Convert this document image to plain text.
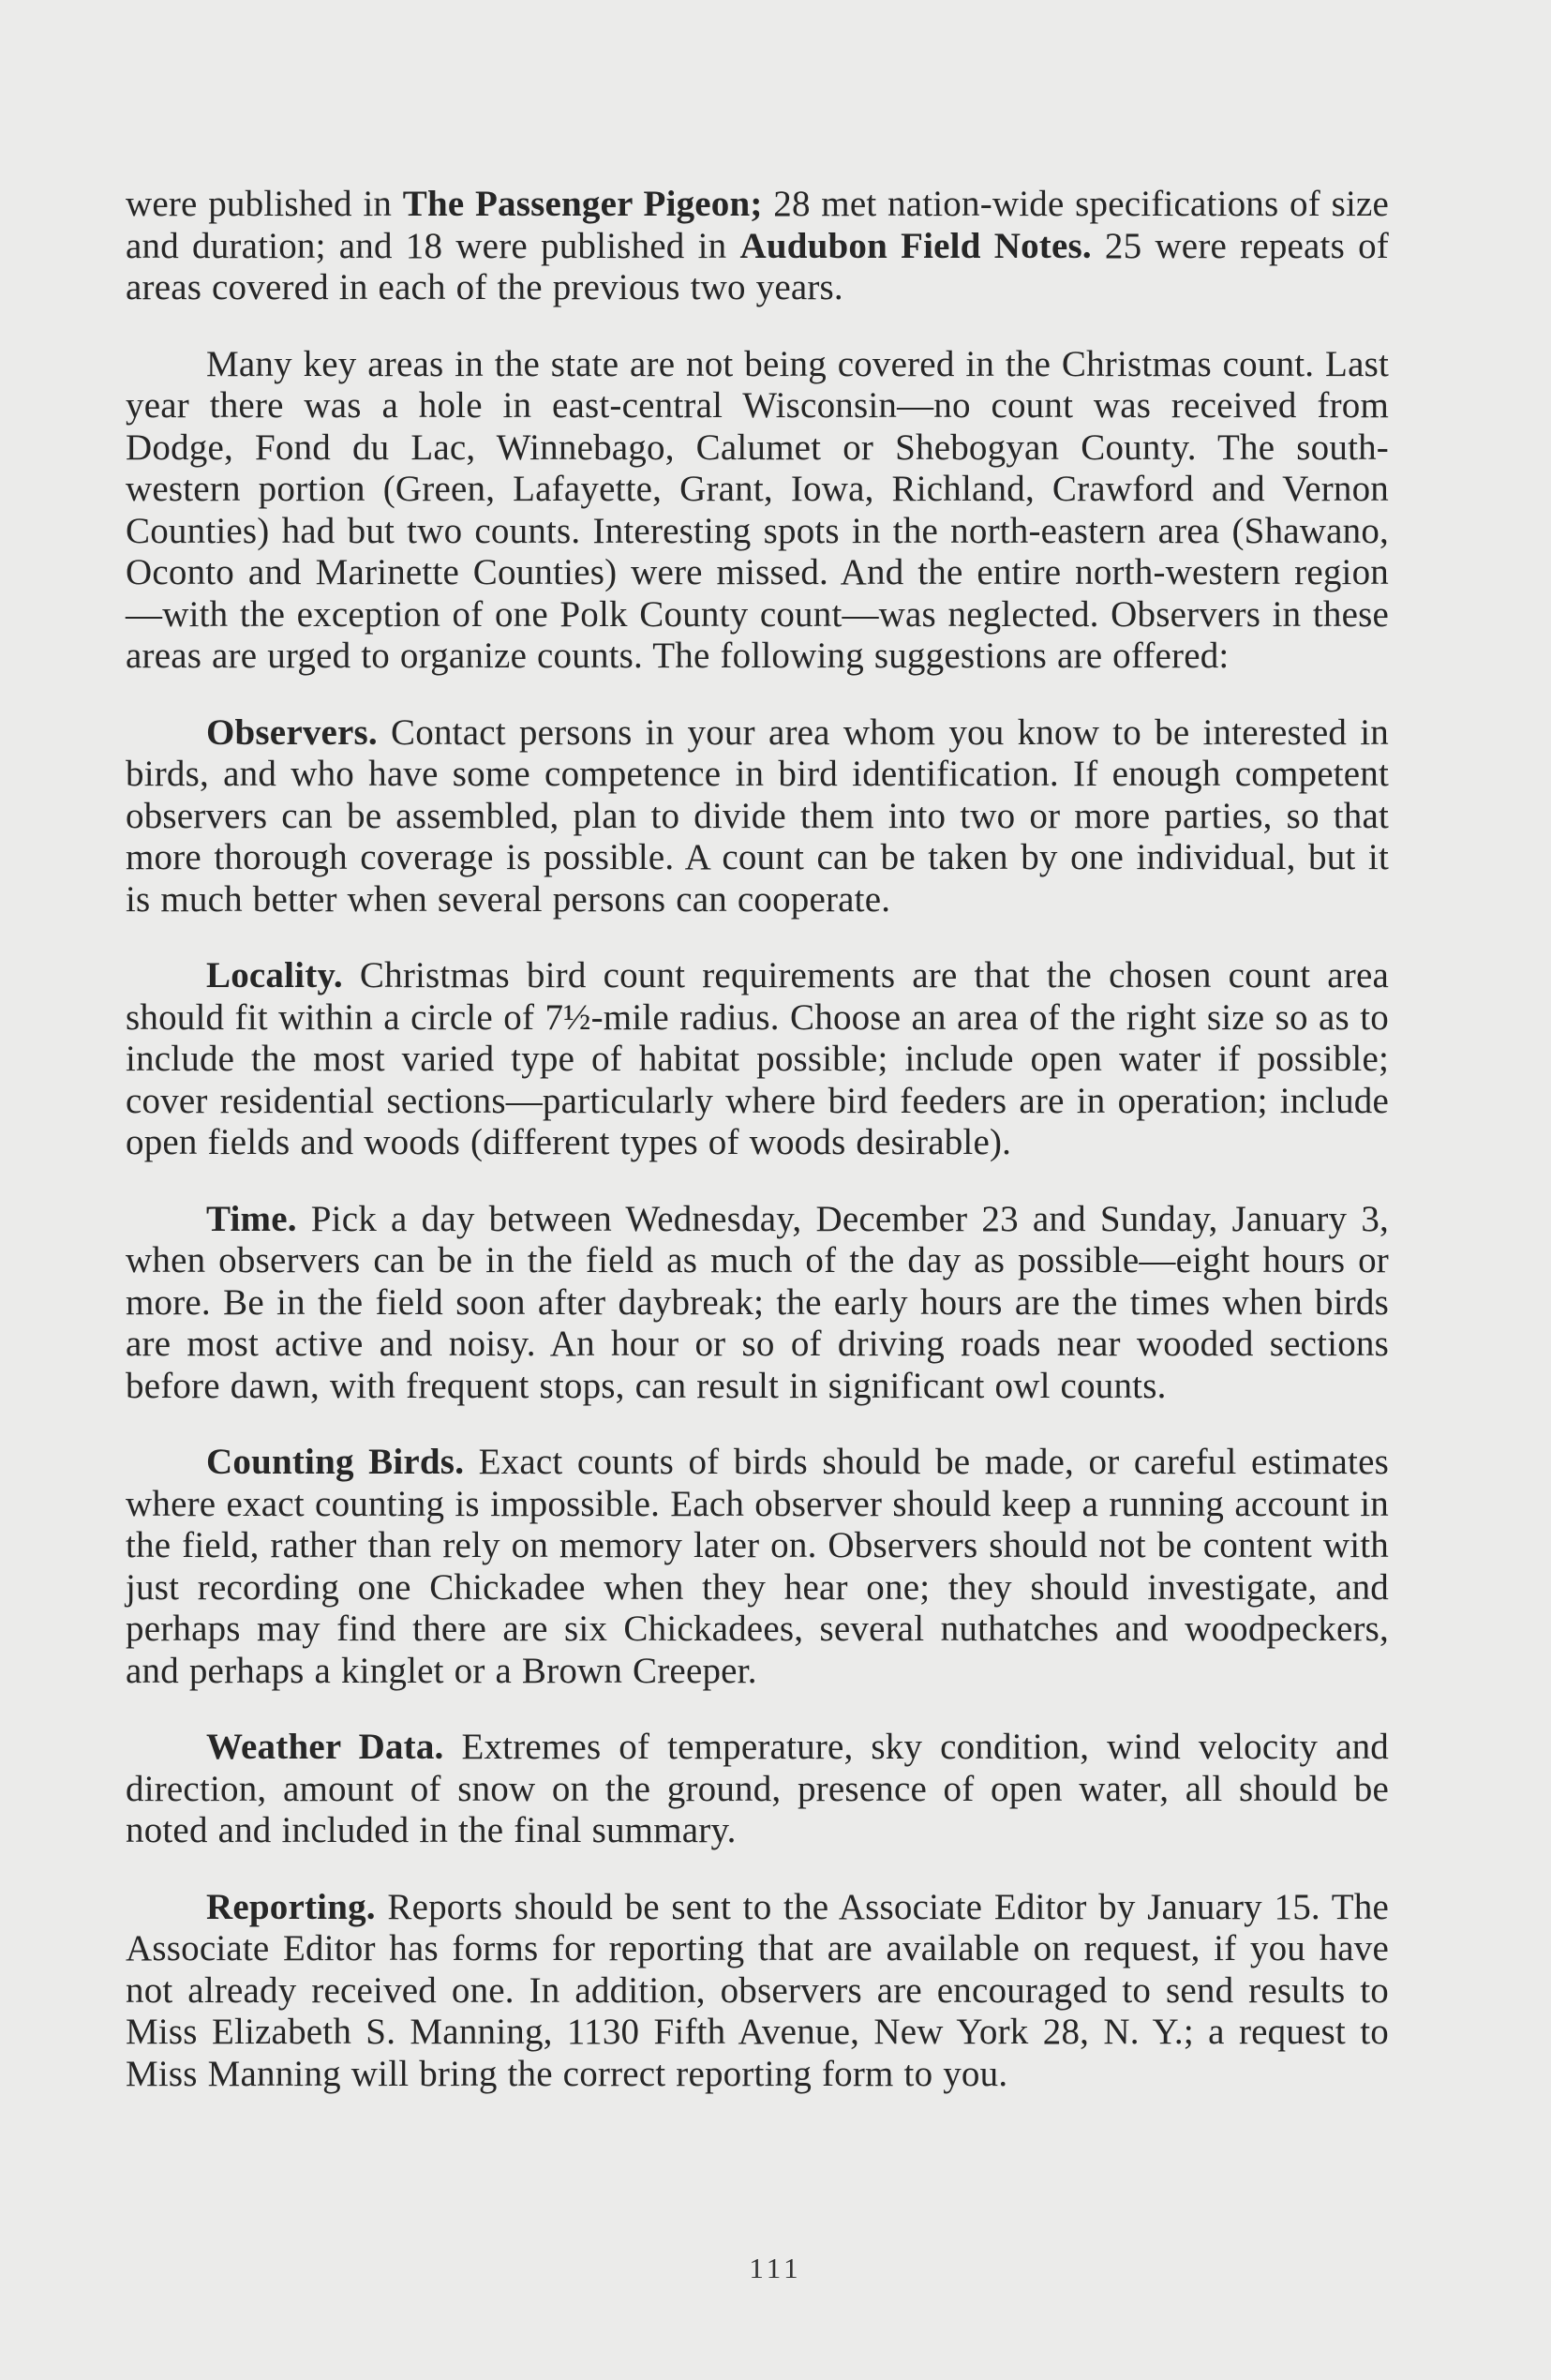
were published in The Passenger Pigeon; 28 met nation-wide specifications of size and duration; and 18 were published in Audubon Field Notes. 25 were repeats of areas covered in each of the previous two years.

Many key areas in the state are not being covered in the Christmas count. Last year there was a hole in east-central Wisconsin—no count was received from Dodge, Fond du Lac, Winnebago, Calumet or Shebogyan County. The south-western portion (Green, Lafayette, Grant, Iowa, Richland, Crawford and Vernon Counties) had but two counts. Interesting spots in the north-eastern area (Shawano, Oconto and Marinette Counties) were missed. And the entire north-western region—with the exception of one Polk County count—was neglected. Observers in these areas are urged to organize counts. The following suggestions are offered:

Observers. Contact persons in your area whom you know to be interested in birds, and who have some competence in bird identification. If enough competent observers can be assembled, plan to divide them into two or more parties, so that more thorough coverage is possible. A count can be taken by one individual, but it is much better when several persons can cooperate.

Locality. Christmas bird count requirements are that the chosen count area should fit within a circle of 7½-mile radius. Choose an area of the right size so as to include the most varied type of habitat possible; include open water if possible; cover residential sections—particularly where bird feeders are in operation; include open fields and woods (different types of woods desirable).

Time. Pick a day between Wednesday, December 23 and Sunday, January 3, when observers can be in the field as much of the day as possible—eight hours or more. Be in the field soon after daybreak; the early hours are the times when birds are most active and noisy. An hour or so of driving roads near wooded sections before dawn, with frequent stops, can result in significant owl counts.

Counting Birds. Exact counts of birds should be made, or careful estimates where exact counting is impossible. Each observer should keep a running account in the field, rather than rely on memory later on. Observers should not be content with just recording one Chickadee when they hear one; they should investigate, and perhaps may find there are six Chickadees, several nuthatches and woodpeckers, and perhaps a kinglet or a Brown Creeper.

Weather Data. Extremes of temperature, sky condition, wind velocity and direction, amount of snow on the ground, presence of open water, all should be noted and included in the final summary.

Reporting. Reports should be sent to the Associate Editor by January 15. The Associate Editor has forms for reporting that are available on request, if you have not already received one. In addition, observers are encouraged to send results to Miss Elizabeth S. Manning, 1130 Fifth Avenue, New York 28, N. Y.; a request to Miss Manning will bring the correct reporting form to you.

111
